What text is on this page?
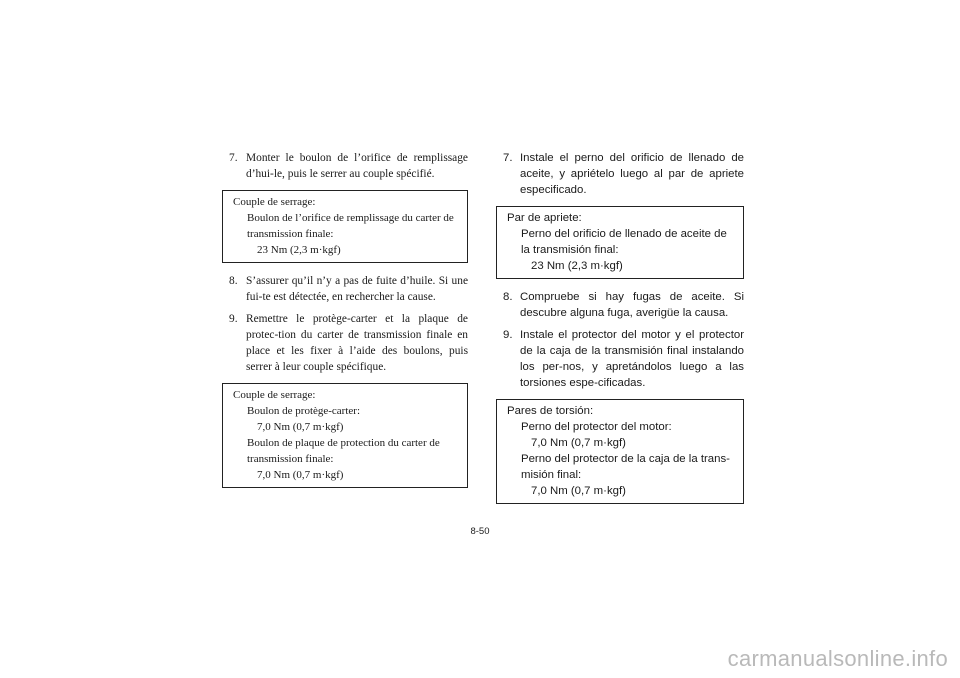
7. Monter le boulon de l’orifice de remplissage d’hui-le, puis le serrer au couple spécifié.
Couple de serrage:
Boulon de l’orifice de remplissage du carter de transmission finale:
23 Nm (2,3 m·kgf)
8. S’assurer qu’il n’y a pas de fuite d’huile. Si une fui-te est détectée, en rechercher la cause.
9. Remettre le protège-carter et la plaque de protec-tion du carter de transmission finale en place et les fixer à l’aide des boulons, puis serrer à leur couple spécifique.
Couple de serrage:
Boulon de protège-carter:
7,0 Nm (0,7 m·kgf)
Boulon de plaque de protection du carter de transmission finale:
7,0 Nm (0,7 m·kgf)
7. Instale el perno del orificio de llenado de aceite, y apriételo luego al par de apriete especificado.
Par de apriete:
Perno del orificio de llenado de aceite de la transmisión final:
23 Nm (2,3 m·kgf)
8. Compruebe si hay fugas de aceite. Si descubre alguna fuga, averigüe la causa.
9. Instale el protector del motor y el protector de la caja de la transmisión final instalando los per-nos, y apretándolos luego a las torsiones espe-cificadas.
Pares de torsión:
Perno del protector del motor:
7,0 Nm (0,7 m·kgf)
Perno del protector de la caja de la trans-misión final:
7,0 Nm (0,7 m·kgf)
8-50
carmanualsonline.info
